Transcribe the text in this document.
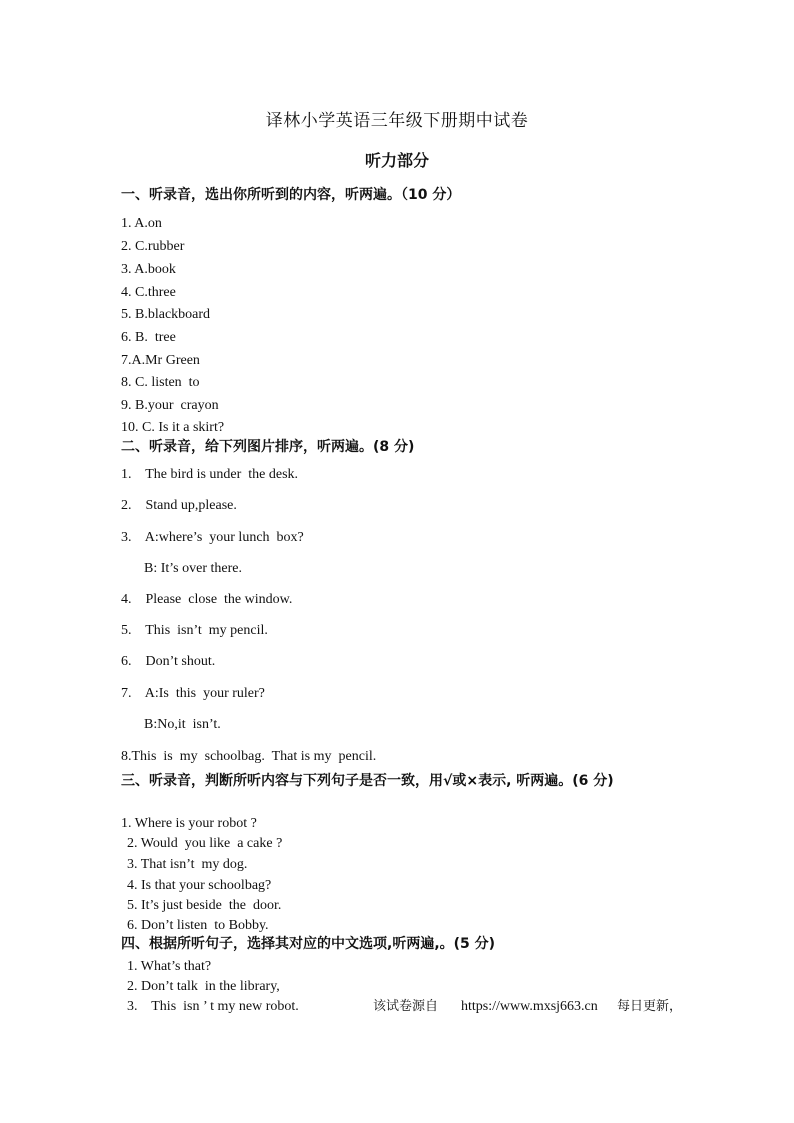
译林小学英语三年级下册期中试卷
听力部分
一、听录音，选出你所听到的内容，听两遍。（10 分）
1. A.on
2. C.rubber
3. A.book
4. C.three
5. B.blackboard
6. B.  tree
7.A.Mr Green
8. C. listen  to
9. B.your  crayon
10. C. Is it a skirt?
二、听录音，给下列图片排序，听两遍。(8 分)
1.    The bird is under  the desk.
2.    Stand up,please.
3.    A:where’s  your lunch  box?
B: It’s over there.
4.    Please  close  the window.
5.    This  isn’t  my pencil.
6.    Don’t shout.
7.    A:Is  this  your ruler?
B:No,it  isn’t.
8.This  is  my  schoolbag.  That is my  pencil.
三、听录音，判断所听内容与下列句子是否一致，用√或×表示, 听两遍。(6 分)
1. Where is your robot ?
2. Would  you like  a cake ?
3. That isn’t  my dog.
4. Is that your schoolbag?
5. It’s just beside  the  door.
6. Don’t listen  to Bobby.
四、根据所听句子，选择其对应的中文选项,听两遍,。(5 分)
1. What’s that?
2. Don’t talk  in the library,
3.    This  isn ’ t my new robot.	该试卷源自 https://www.mxsj663.cn 每日更新，
